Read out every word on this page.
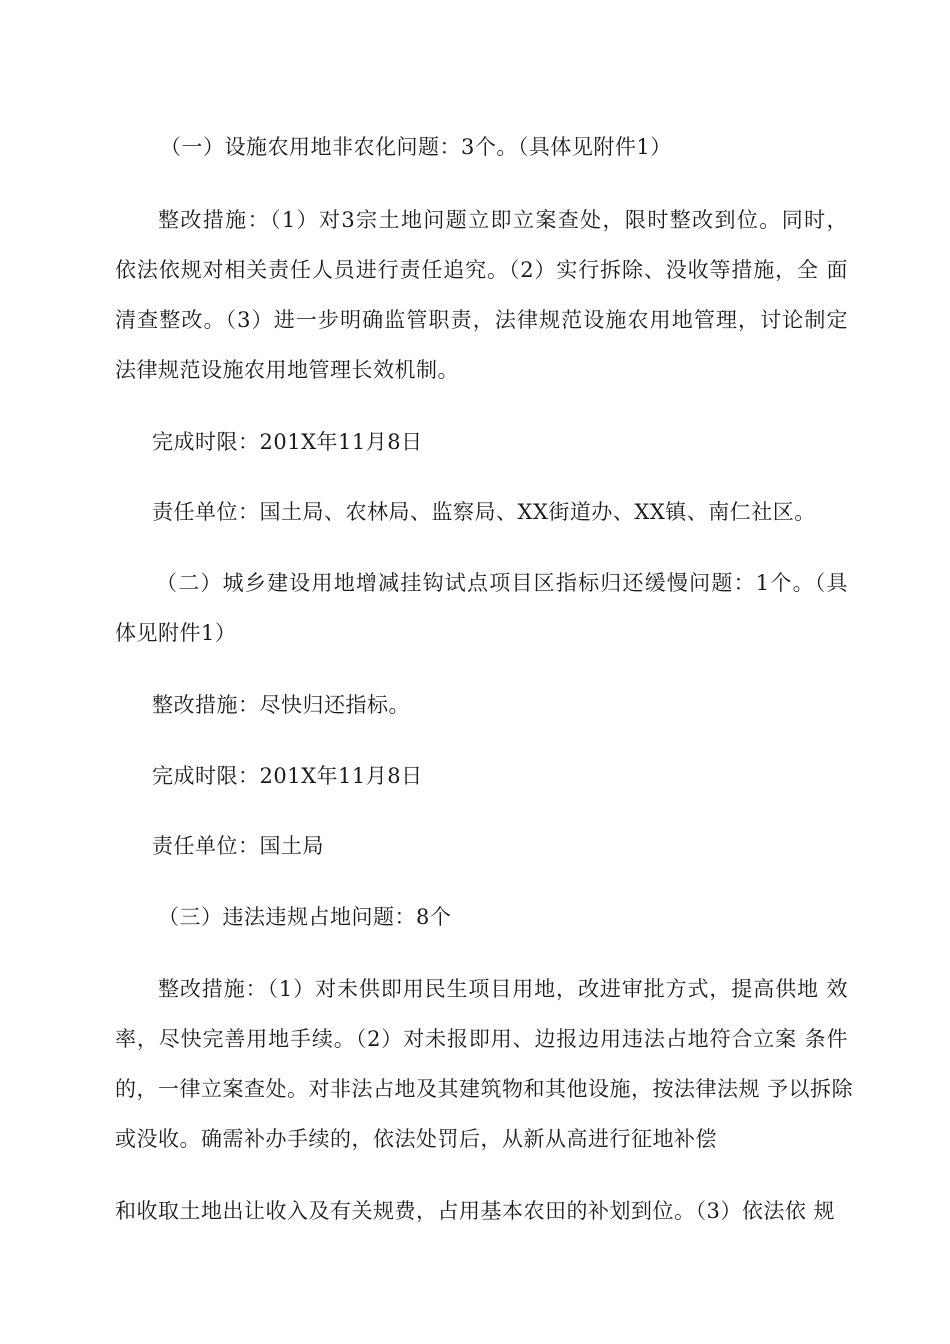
（一）设施农用地非农化问题：3个。（具体见附件1）
整改措施：（1）对3宗土地问题立即立案查处，限时整改到位。同时，
依法依规对相关责任人员进行责任追究。（2）实行拆除、没收等措施，全 面
清查整改。（3）进一步明确监管职责，法律规范设施农用地管理，讨论制定
法律规范设施农用地管理长效机制。
完成时限：201X年11月8日
责任单位：国土局、农林局、监察局、XX街道办、XX镇、南仁社区。
（二）城乡建设用地增减挂钩试点项目区指标归还缓慢问题：1个。（具
体见附件1）
整改措施：尽快归还指标。
完成时限：201X年11月8日
责任单位：国土局
（三）违法违规占地问题：8个
整改措施：（1）对未供即用民生项目用地，改进审批方式，提高供地 效
率，尽快完善用地手续。（2）对未报即用、边报边用违法占地符合立案 条件
的，一律立案查处。对非法占地及其建筑物和其他设施，按法律法规 予以拆除
或没收。确需补办手续的，依法处罚后，从新从高进行征地补偿
和收取土地出让收入及有关规费，占用基本农田的补划到位。（3）依法依 规
